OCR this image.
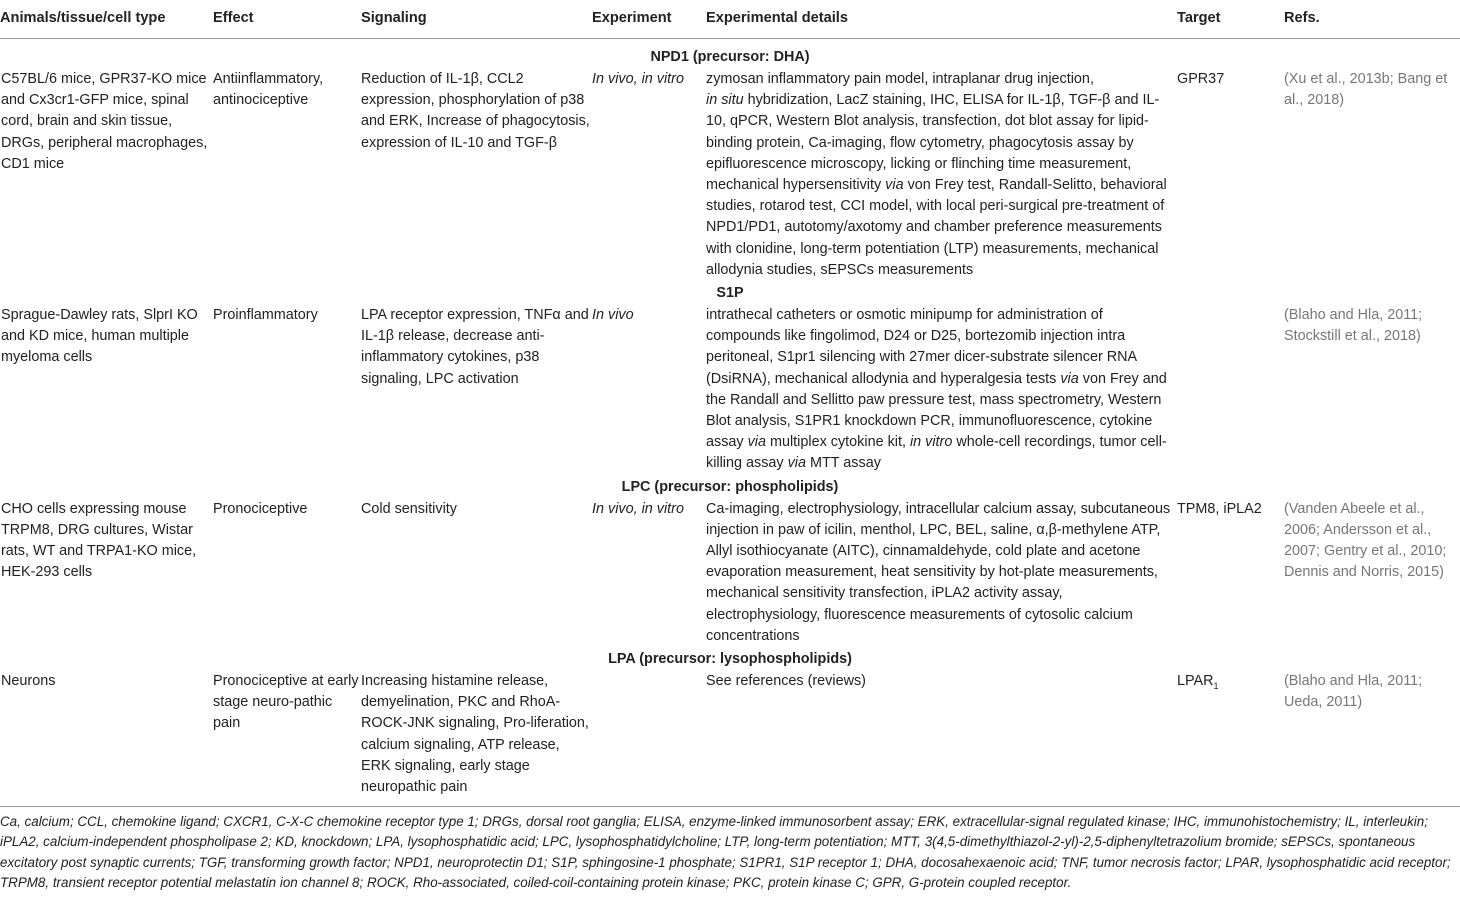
Animals/tissue/cell type	Effect	Signaling	Experiment	Experimental details	Target	Refs.
NPD1 (precursor: DHA)						
C57BL/6 mice, GPR37-KO mice and Cx3cr1-GFP mice, spinal cord, brain and skin tissue, DRGs, peripheral macrophages, CD1 mice	Antiinflammatory, antinociceptive	Reduction of IL-1β, CCL2 expression, phosphorylation of p38 and ERK, Increase of phagocytosis, expression of IL-10 and TGF-β	In vivo, in vitro	zymosan inflammatory pain model, intraplanar drug injection,
in situ hybridization, LacZ staining, IHC, ELISA for IL-1β, TGF-β and IL-10, qPCR, Western Blot analysis, transfection, dot blot assay for lipid-binding protein, Ca-imaging, flow cytometry, phagocytosis assay by epifluorescence microscopy, licking or flinching time measurement, mechanical hypersensitivity via von Frey test, Randall-Selitto, behavioral studies, rotarod test, CCI model, with local peri-surgical pre-treatment of NPD1/PD1, autotomy/axotomy and chamber preference measurements with clonidine, long-term potentiation (LTP) measurements, mechanical allodynia studies, sEPSCs measurements	GPR37	(Xu et al., 2013b; Bang et al., 2018)
S1P						
Sprague-Dawley rats, SlprI KO and KD mice, human multiple myeloma cells	Proinflammatory	LPA receptor expression, TNFα and IL-1β release, decrease anti-inflammatory cytokines, p38 signaling, LPC activation	In vivo	intrathecal catheters or osmotic minipump for administration of compounds like fingolimod, D24 or D25, bortezomib injection intra peritoneal, S1pr1 silencing with 27mer dicer-substrate silencer RNA (DsiRNA), mechanical allodynia and hyperalgesia tests via von Frey and the Randall and Sellitto paw pressure test, mass spectrometry, Western Blot analysis, S1PR1 knockdown PCR, immunofluorescence, cytokine assay via multiplex cytokine kit, in vitro whole-cell recordings, tumor cell-killing assay via MTT assay		(Blaho and Hla, 2011; Stockstill et al., 2018)
LPC (precursor: phospholipids)						
CHO cells expressing mouse TRPM8, DRG cultures, Wistar rats, WT and TRPA1-KO mice, HEK-293 cells	Pronociceptive	Cold sensitivity	In vivo, in vitro	Ca-imaging, electrophysiology, intracellular calcium assay, subcutaneous injection in paw of icilin, menthol, LPC, BEL, saline, α,β-methylene ATP, Allyl isothiocyanate (AITC), cinnamaldehyde, cold plate and acetone evaporation measurement, heat sensitivity by hot-plate measurements, mechanical sensitivity transfection, iPLA2 activity assay, electrophysiology, fluorescence measurements of cytosolic calcium concentrations	TPM8, iPLA2	(Vanden Abeele et al., 2006; Andersson et al., 2007; Gentry et al., 2010; Dennis and Norris, 2015)
LPA (precursor: lysophospholipids)						
Neurons	Pronociceptive at early stage neuro-pathic pain	Increasing histamine release, demyelination, PKC and RhoA-ROCK-JNK signaling, Pro-liferation, calcium signaling, ATP release, ERK signaling, early stage neuropathic pain		See references (reviews)	$LPAR_1$	(Blaho and Hla, 2011; Ueda, 2011)

Ca, calcium; CCL, chemokine ligand; CXCR1, C-X-C chemokine receptor type 1; DRGs, dorsal root ganglia; ELISA, enzyme-linked immunosorbent assay; ERK, extracellular-signal regulated kinase; IHC, immunohistochemistry; IL, interleukin; iPLA2, calcium-independent phospholipase 2; KD, knockdown; LPA, lysophosphatidic acid; LPC, lysophosphatidylcholine; LTP, long-term potentiation; MTT, 3(4,5-dimethylthiazol-2-yl)-2,5-diphenyltetrazolium bromide; sEPSCs, spontaneous excitatory post synaptic currents; TGF, transforming growth factor; NPD1, neuroprotectin D1; S1P, sphingosine-1 phosphate; S1PR1, S1P receptor 1; DHA, docosahexaenoic acid; TNF, tumor necrosis factor; LPAR, lysophosphatidic acid receptor; TRPM8, transient receptor potential melastatin ion channel 8; ROCK, Rho-associated, coiled-coil-containing protein kinase; PKC, protein kinase C; GPR, G-protein coupled receptor.						
